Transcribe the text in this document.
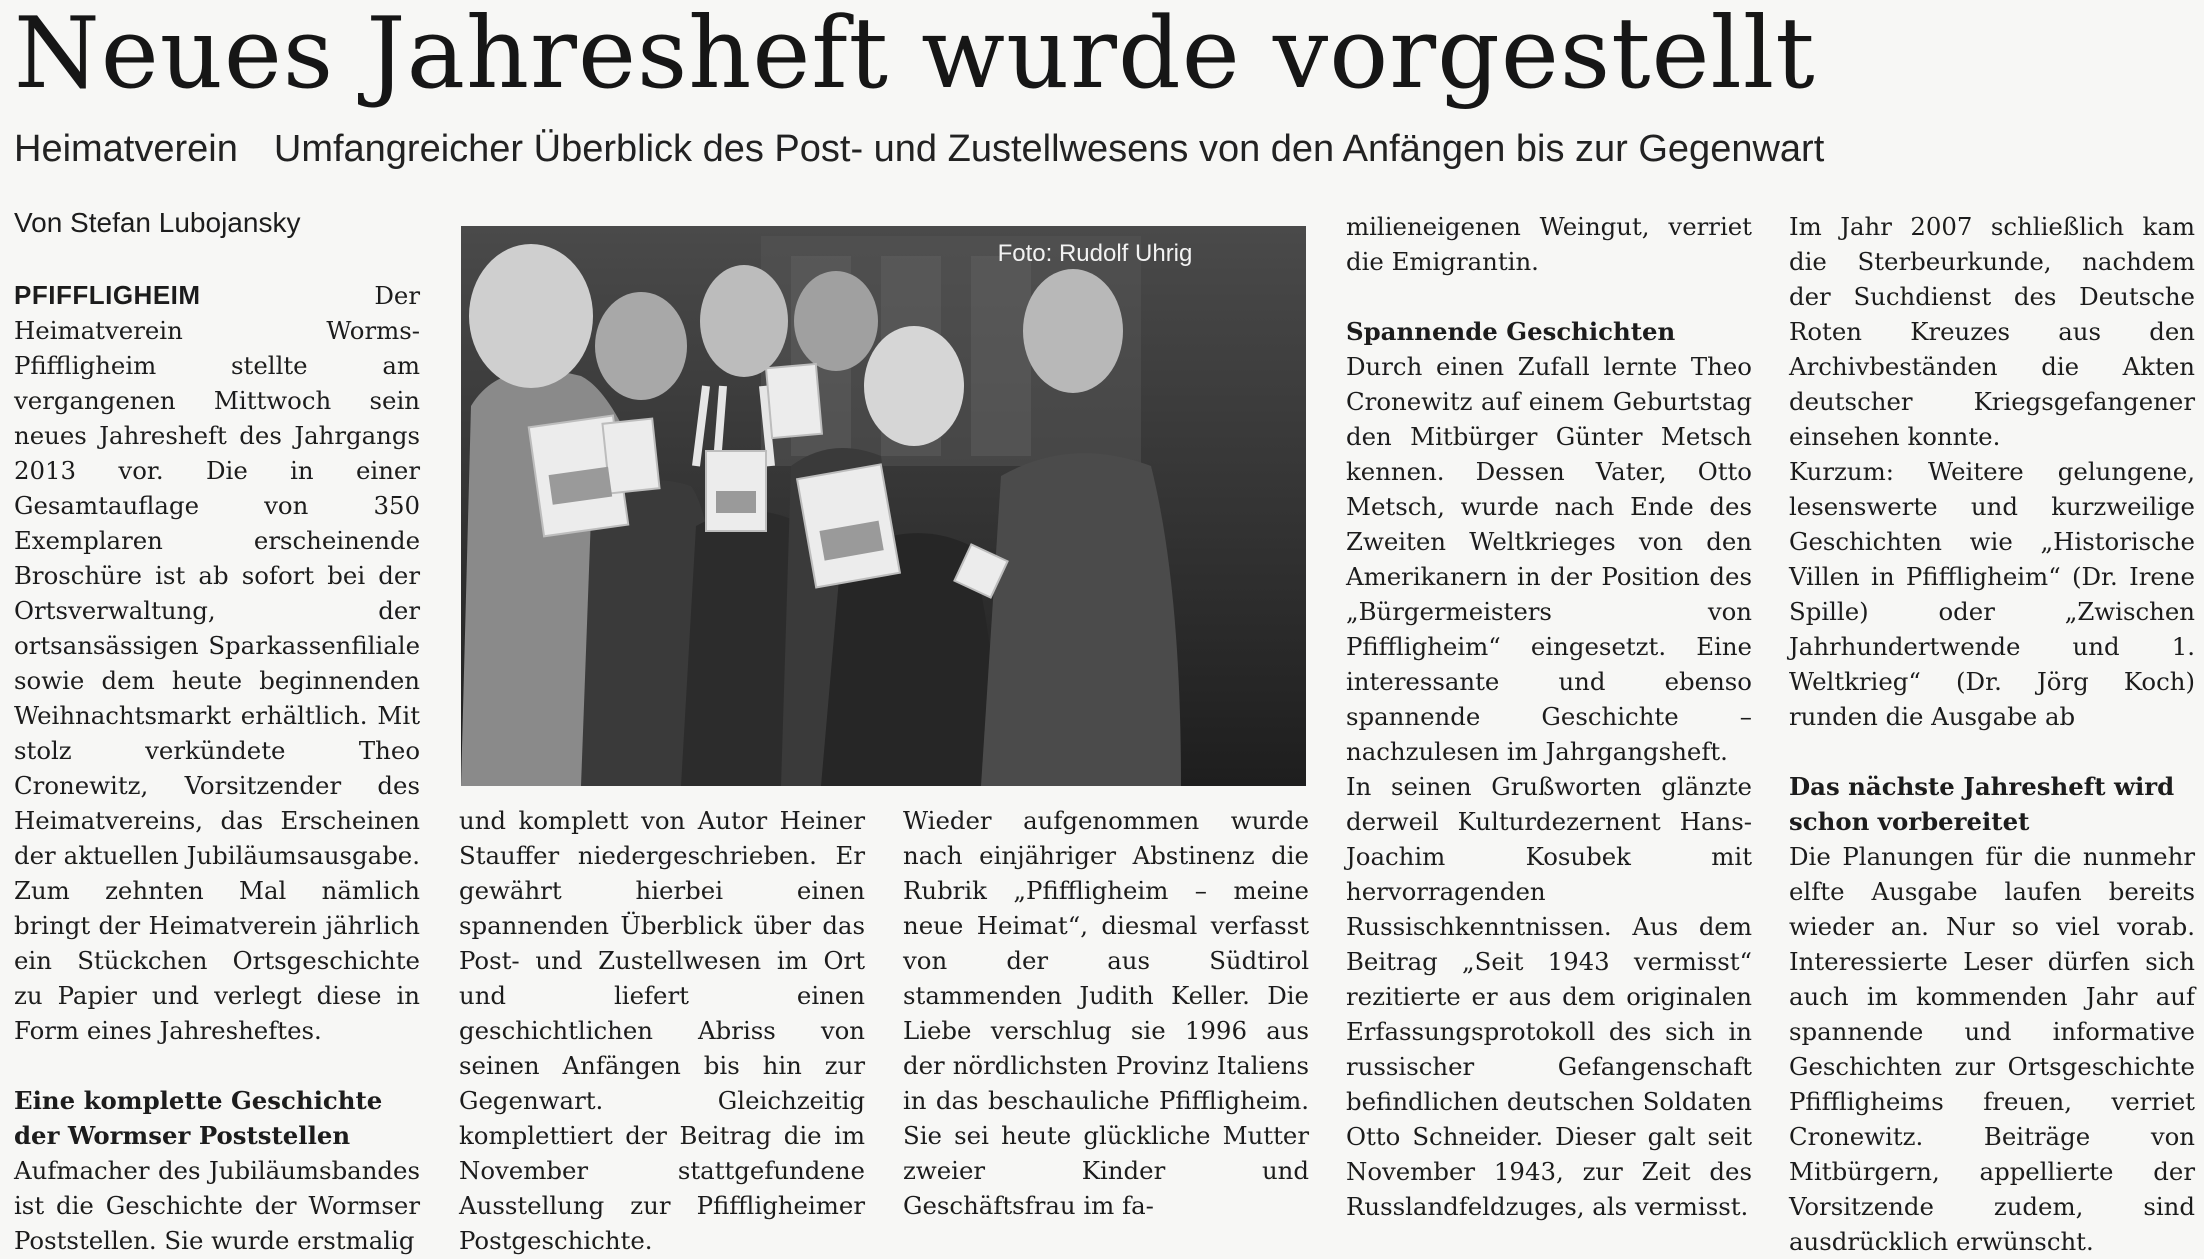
Neues Jahresheft wurde vorgestellt
Heimatverein Umfangreicher Überblick des Post- und Zustellwesens von den Anfängen bis zur Gegenwart
Von Stefan Lubojansky

PFIFFLIGHEIM	Der Heimatverein Worms-Pfiffligheim stellte am vergangenen Mittwoch sein neues Jahresheft des Jahrgangs 2013 vor. Die in einer Gesamtauflage von 350 Exemplaren erscheinende Broschüre ist ab sofort bei der Ortsverwaltung, der ortsansässigen Sparkassenfiliale sowie dem heute beginnenden Weihnachtsmarkt erhältlich. Mit stolz verkündete Theo Cronewitz, Vorsitzender des Heimatvereins, das Erscheinen der aktuellen Jubiläumsausgabe. Zum zehnten Mal nämlich bringt der Heimatverein jährlich ein Stückchen Ortsgeschichte zu Papier und verlegt diese in Form eines Jahresheftes.

Eine komplette Geschichte der Wormser Poststellen

Aufmacher des Jubiläumsbandes ist die Geschichte der Wormser Poststellen. Sie wurde erstmalig

Foto: Rudolf Uhrig

und komplett von Autor Heiner Stauffer niedergeschrieben. Er gewährt hierbei einen spannenden Überblick über das Post- und Zustellwesen im Ort und liefert einen geschichtlichen Abriss von seinen Anfängen bis hin zur Gegenwart. Gleichzeitig komplettiert der Beitrag die im November stattgefundene Ausstellung zur Pfiffligheimer Postgeschichte.

Wieder aufgenommen wurde nach einjähriger Abstinenz die Rubrik „Pfiffligheim – meine neue Heimat“, diesmal verfasst von der aus Südtirol stammenden Judith Keller. Die Liebe verschlug sie 1996 aus der nördlichsten Provinz Italiens in das beschauliche Pfiffligheim. Sie sei heute glückliche Mutter zweier Kinder und Geschäftsfrau im fa-

milieneigenen Weingut, verriet die Emigrantin.

Spannende Geschichten

Durch einen Zufall lernte Theo Cronewitz auf einem Geburtstag den Mitbürger Günter Metsch kennen. Dessen Vater, Otto Metsch, wurde nach Ende des Zweiten Weltkrieges von den Amerikanern in der Position des „Bürgermeisters von Pfiffligheim“ eingesetzt. Eine interessante und ebenso spannende Geschichte – nachzulesen im Jahrgangsheft.

In seinen Grußworten glänzte derweil Kulturdezernent Hans-Joachim Kosubek mit hervorragenden Russischkenntnissen. Aus dem Beitrag „Seit 1943 vermisst“ rezitierte er aus dem originalen Erfassungsprotokoll des sich in russischer Gefangenschaft befindlichen deutschen Soldaten Otto Schneider. Dieser galt seit November 1943, zur Zeit des Russlandfeldzuges, als vermisst.

Im Jahr 2007 schließlich kam die Sterbeurkunde, nachdem der Suchdienst des Deutsche Roten Kreuzes aus den Archivbeständen die Akten deutscher Kriegsgefangener einsehen konnte.

Kurzum: Weitere gelungene, lesenswerte und kurzweilige Geschichten wie „Historische Villen in Pfiffligheim“ (Dr. Irene Spille) oder „Zwischen Jahrhundertwende und 1. Weltkrieg“ (Dr. Jörg Koch) runden die Ausgabe ab

Das nächste Jahresheft wird schon vorbereitet

Die Planungen für die nunmehr elfte Ausgabe laufen bereits wieder an. Nur so viel vorab. Interessierte Leser dürfen sich auch im kommenden Jahr auf spannende und informative Geschichten zur Ortsgeschichte Pfiffligheims freuen, verriet Cronewitz. Beiträge von Mitbürgern, appellierte der Vorsitzende zudem, sind ausdrücklich erwünscht.
